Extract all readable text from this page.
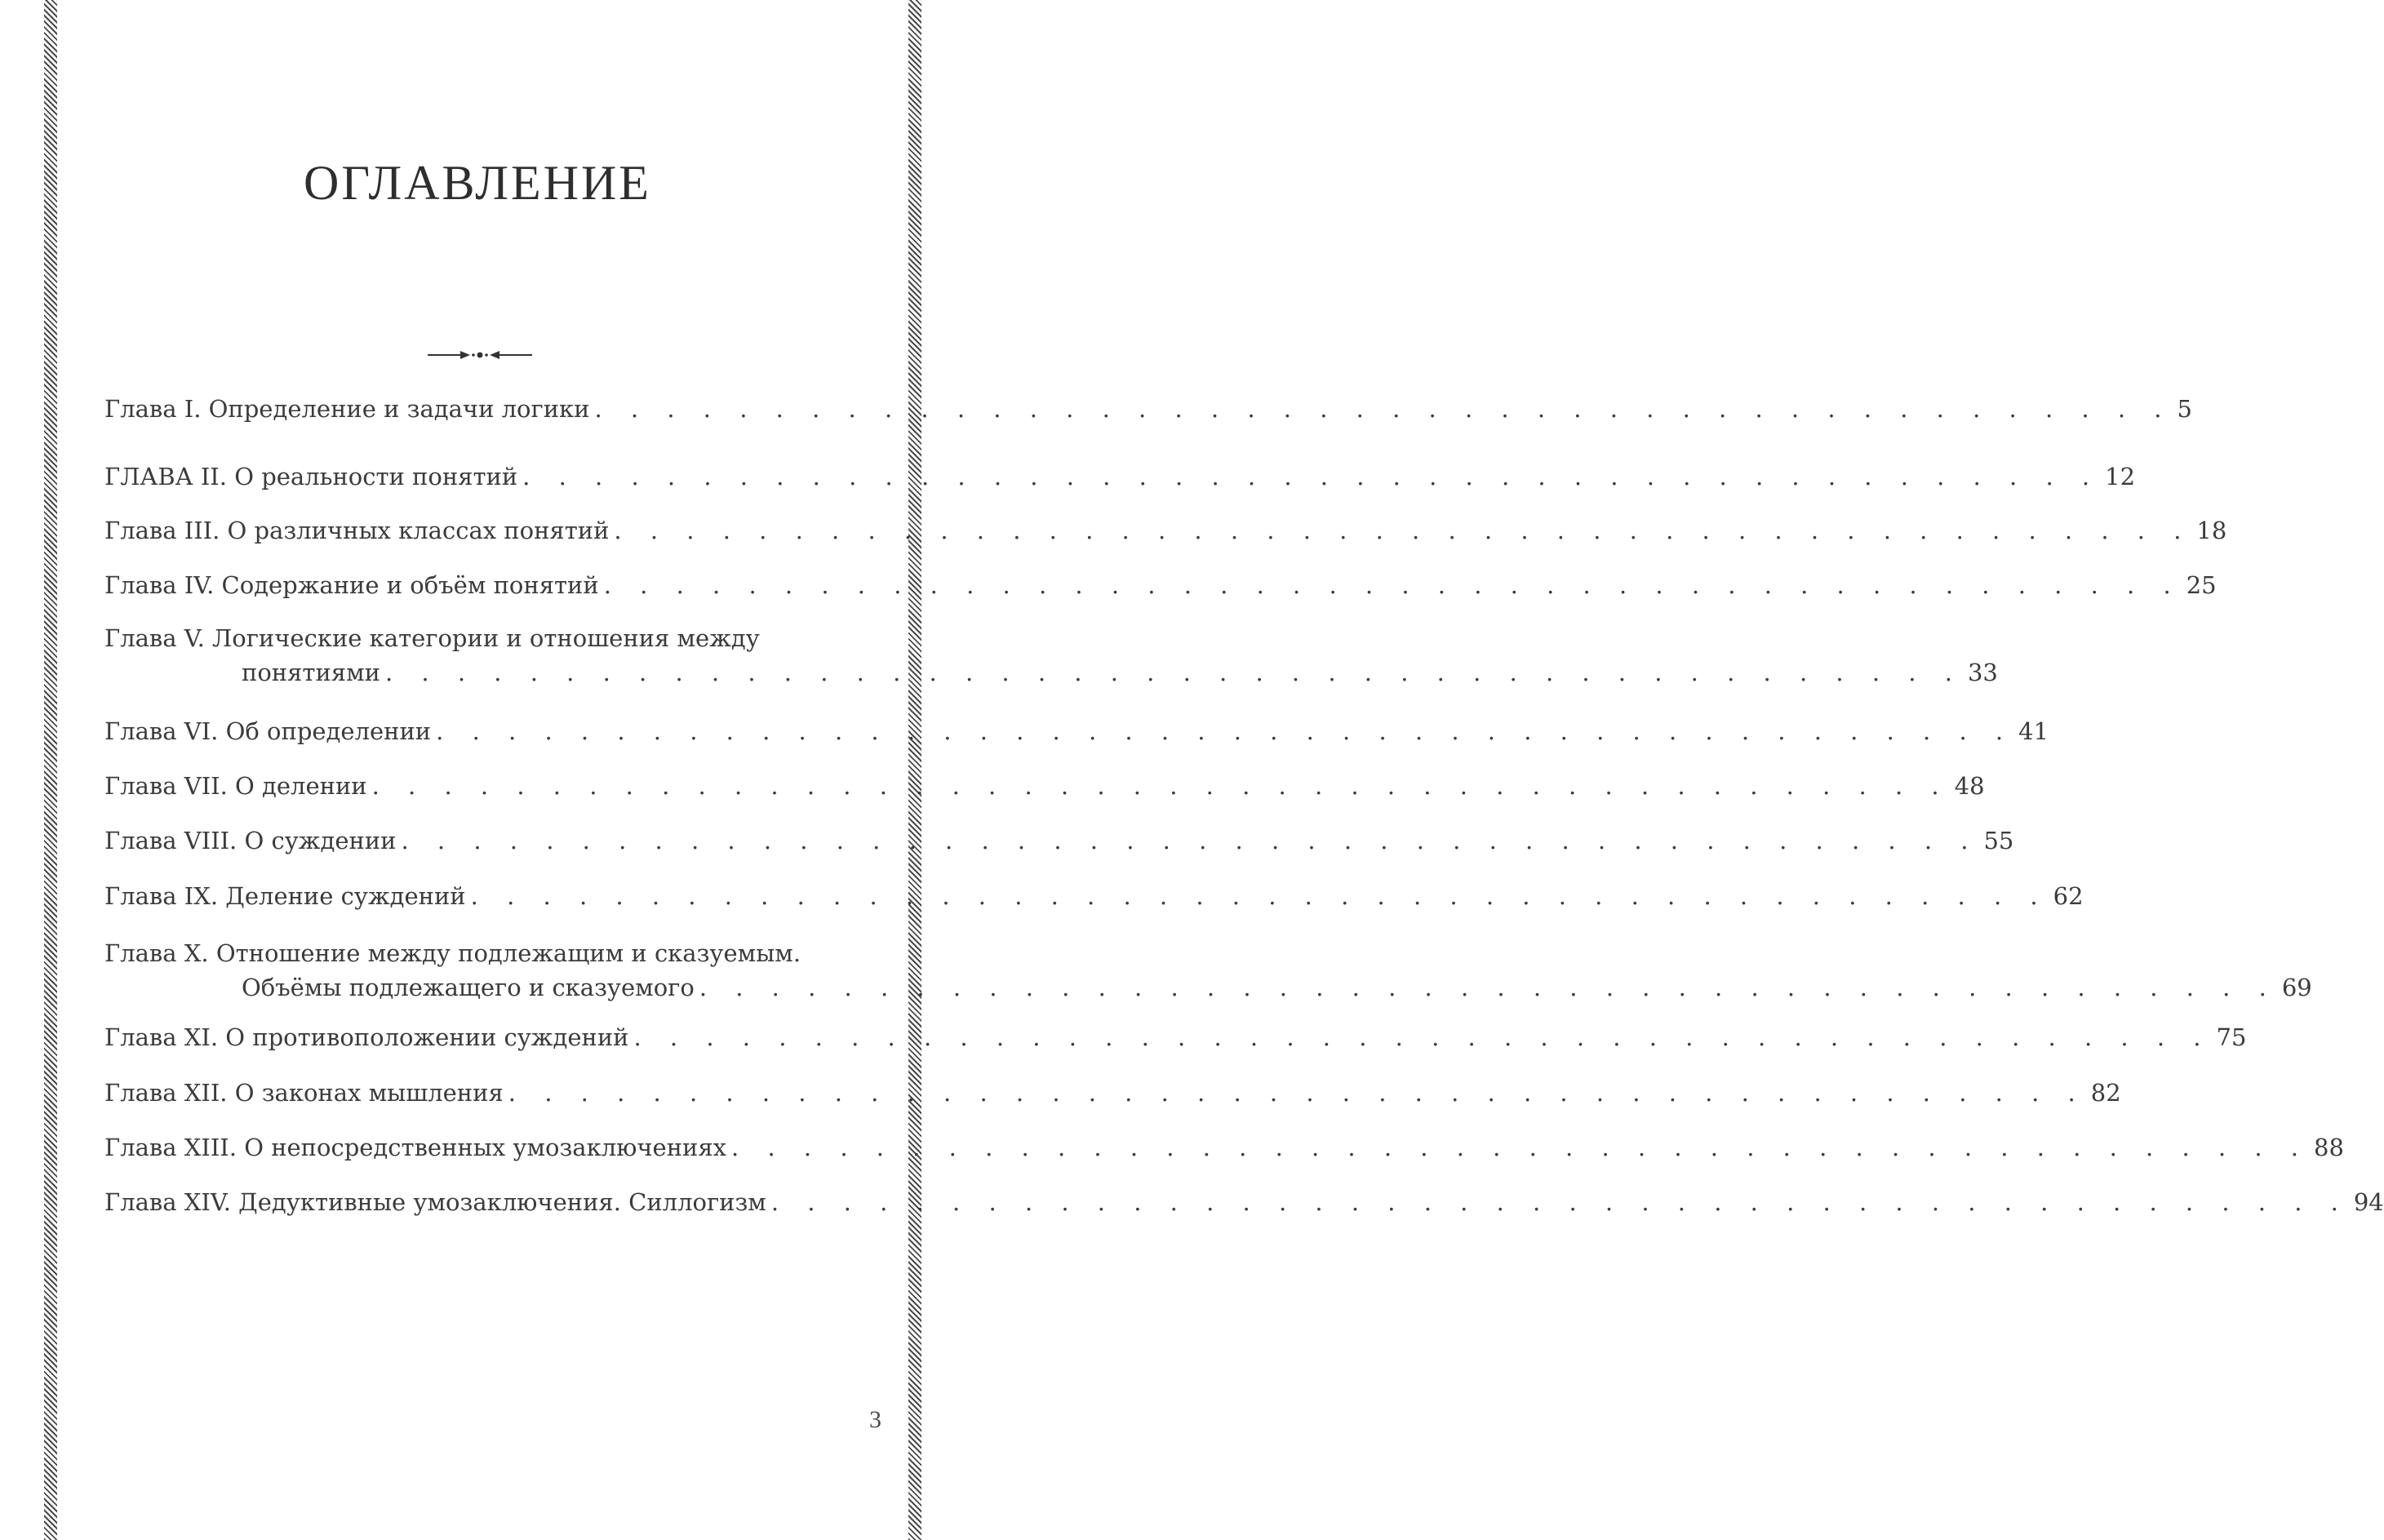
ОГЛАВЛЕНИЕ
Глава I. Определение и задачи логики . . . . . . . . . . . . . . . . . . . . . . . . . . . . . . . . . . . . . . . . . . . . 5
ГЛАВА II. О реальности понятий . . . . . . . . . . . . . . . . . . . . . . . . . . . . . . . . . . . . . . . . . . . . 12
Глава III. О различных классах понятий . . . . . . . . . . . . . . . . . . . . . . . . . . . . . . . . . . . . . . . . . . . . 18
Глава IV. Содержание и объём понятий . . . . . . . . . . . . . . . . . . . . . . . . . . . . . . . . . . . . . . . . . . . . 25
Глава V. Логические категории и отношения между
понятиями . . . . . . . . . . . . . . . . . . . . . . . . . . . . . . . . . . . . . . . . . . . . 33
Глава VI. Об определении . . . . . . . . . . . . . . . . . . . . . . . . . . . . . . . . . . . . . . . . . . . . 41
Глава VII. О делении . . . . . . . . . . . . . . . . . . . . . . . . . . . . . . . . . . . . . . . . . . . . 48
Глава VIII. О суждении . . . . . . . . . . . . . . . . . . . . . . . . . . . . . . . . . . . . . . . . . . . . 55
Глава IX. Деление суждений . . . . . . . . . . . . . . . . . . . . . . . . . . . . . . . . . . . . . . . . . . . . 62
Глава X. Отношение между подлежащим и сказуемым.
Объёмы подлежащего и сказуемого . . . . . . . . . . . . . . . . . . . . . . . . . . . . . . . . . . . . . . . . . . . . 69
Глава XI. О противоположении суждений . . . . . . . . . . . . . . . . . . . . . . . . . . . . . . . . . . . . . . . . . . . . 75
Глава XII. О законах мышления . . . . . . . . . . . . . . . . . . . . . . . . . . . . . . . . . . . . . . . . . . . . 82
Глава XIII. О непосредственных умозаключениях . . . . . . . . . . . . . . . . . . . . . . . . . . . . . . . . . . . . . . . . . . . . 88
Глава XIV. Дедуктивные умозаключения. Силлогизм . . . . . . . . . . . . . . . . . . . . . . . . . . . . . . . . . . . . . . . . . . . . 94
3
